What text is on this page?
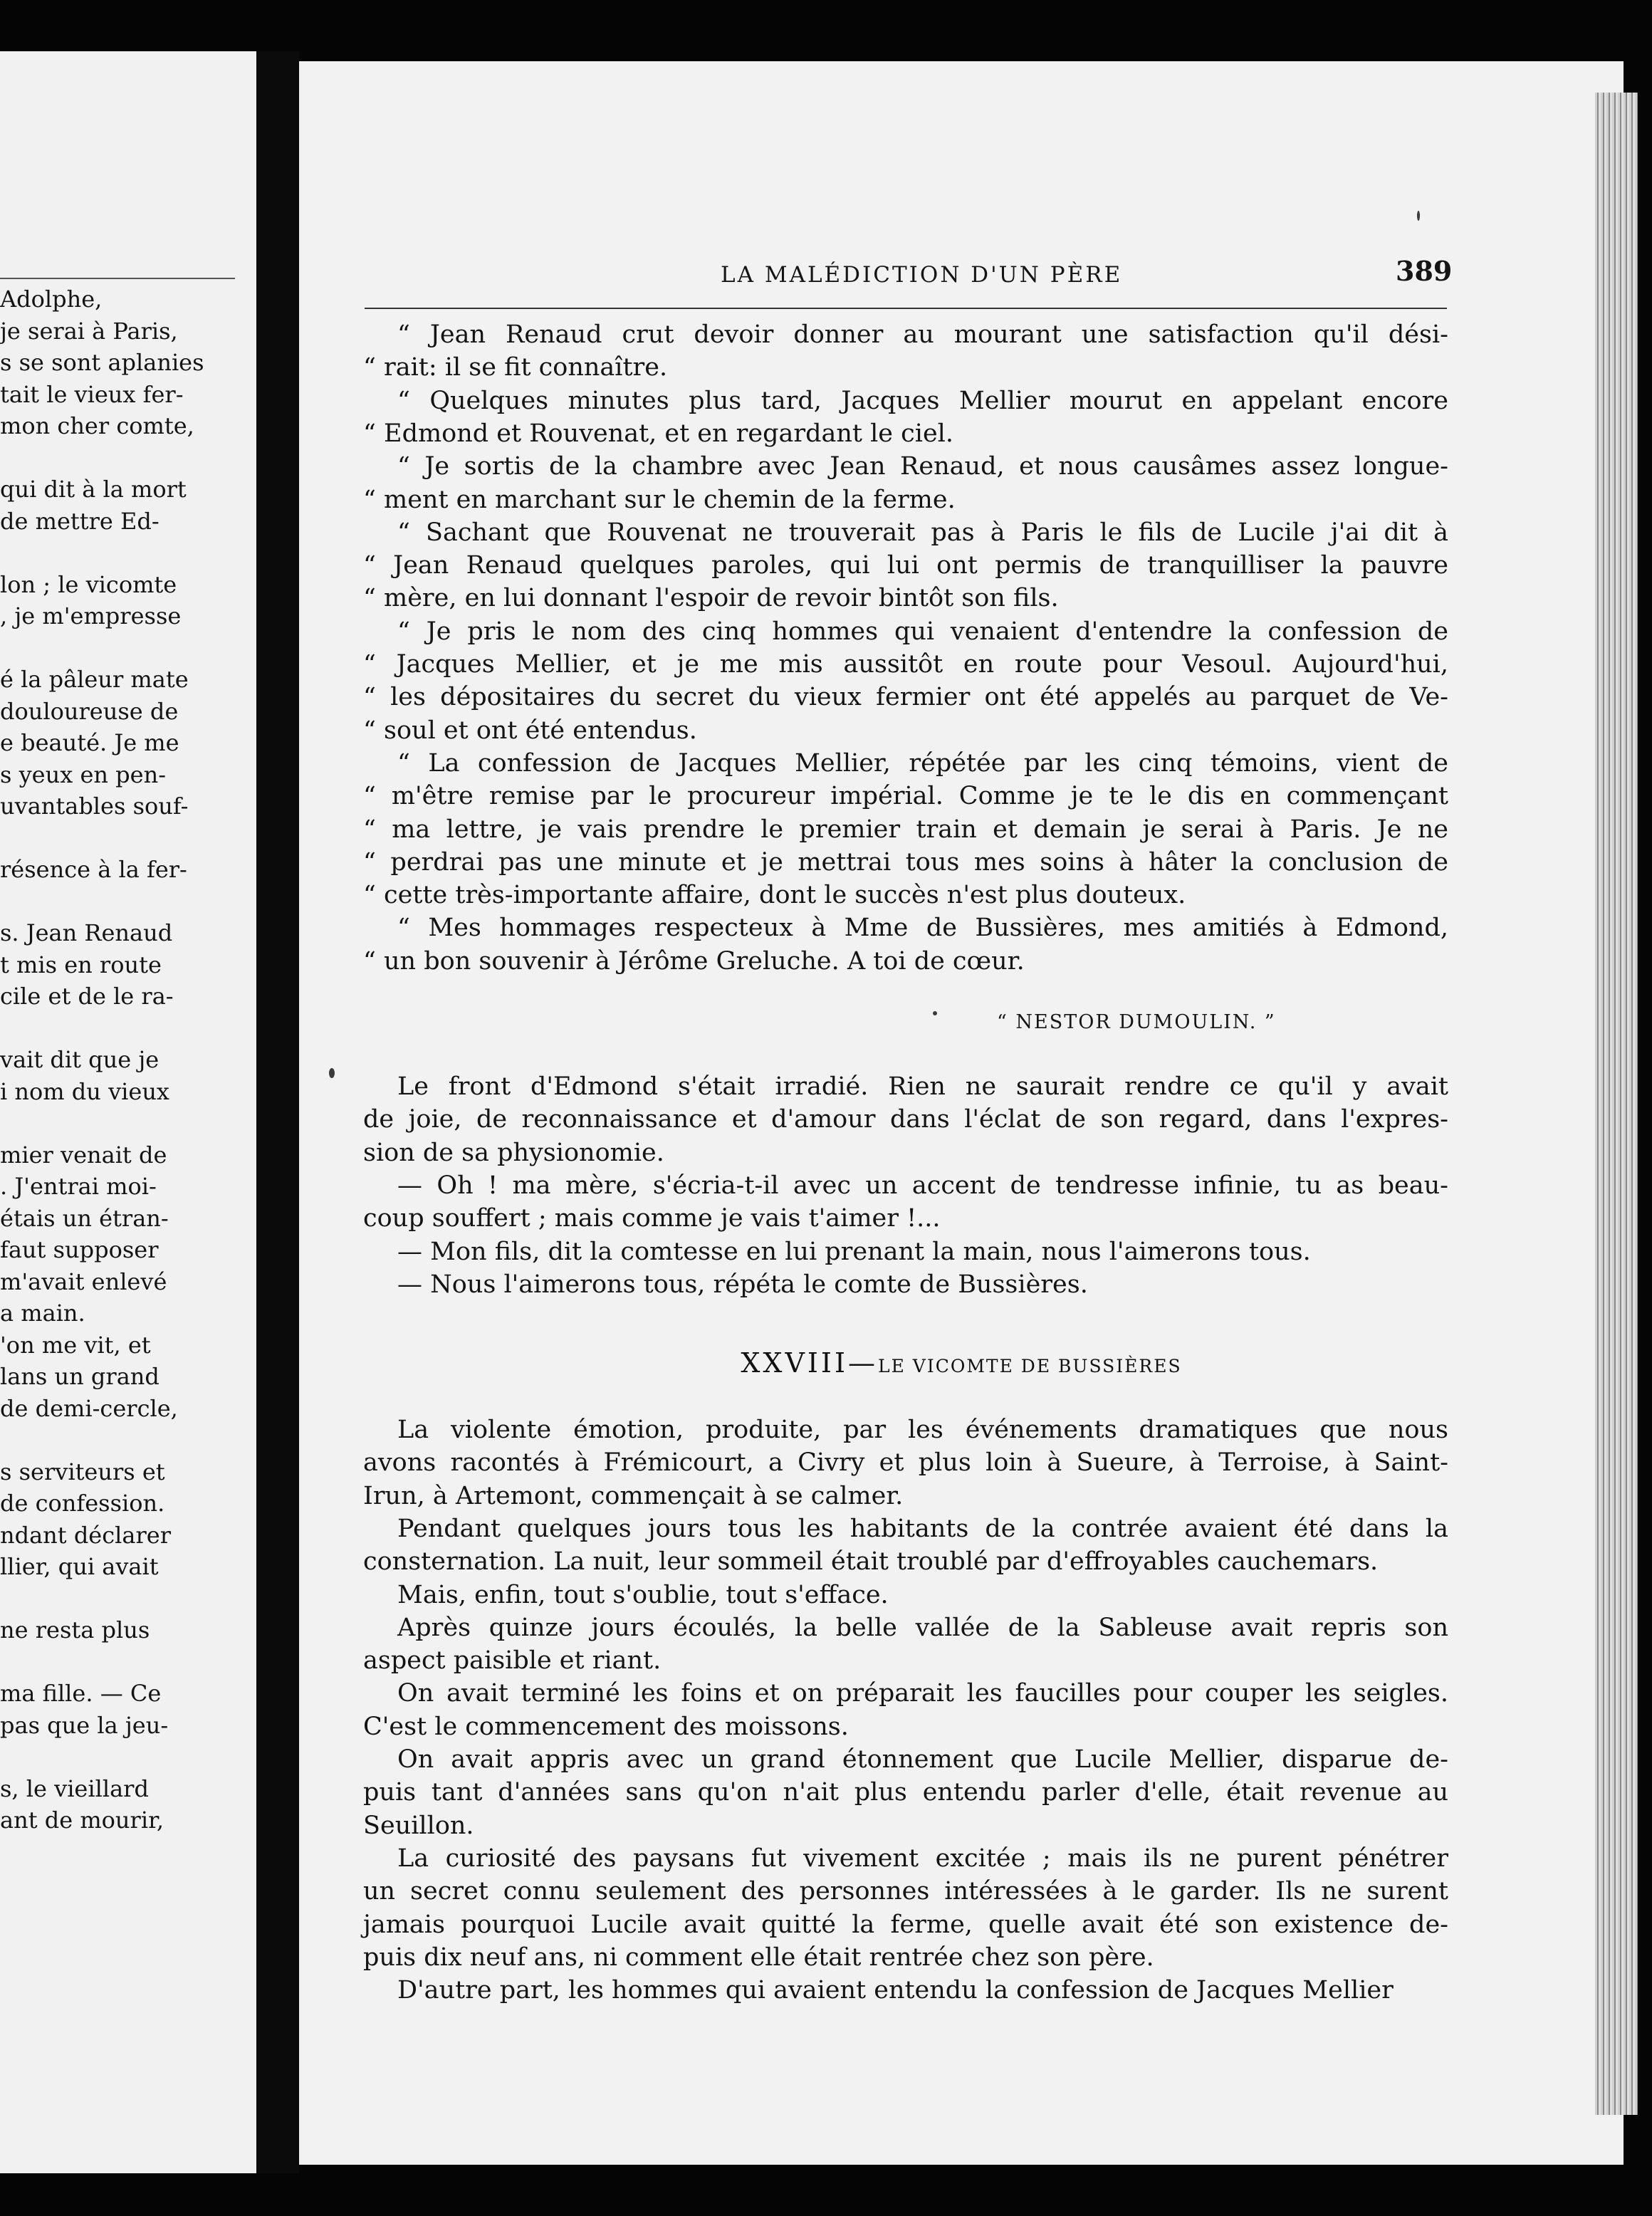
Adolphe,
je serai à Paris,
s se sont aplanies
tait le vieux fer-
mon cher comte,
qui dit à la mort
de mettre Ed-
lon ; le vicomte
, je m'empresse
é la pâleur mate
douloureuse de
e beauté. Je me
s yeux en pen-
uvantables souf-
résence à la fer-
s. Jean Renaud
t mis en route
cile et de le ra-
vait dit que je
i nom du vieux
mier venait de
. J'entrai moi-
étais un étran-
faut supposer
m'avait enlevé
a main.
'on me vit, et
lans un grand
de demi-cercle,
s serviteurs et
de confession.
ndant déclarer
llier, qui avait
ne resta plus
ma fille. — Ce
pas que la jeu-
s, le vieillard
ant de mourir,
LA MALÉDICTION D'UN PÈRE	389
“ Jean Renaud crut devoir donner au mourant une satisfaction qu'il dési-
“ rait: il se fit connaître.
“ Quelques minutes plus tard, Jacques Mellier mourut en appelant encore
“ Edmond et Rouvenat, et en regardant le ciel.
“ Je sortis de la chambre avec Jean Renaud, et nous causâmes assez longue-
“ ment en marchant sur le chemin de la ferme.
“ Sachant que Rouvenat ne trouverait pas à Paris le fils de Lucile j'ai dit à
“ Jean Renaud quelques paroles, qui lui ont permis de tranquilliser la pauvre
“ mère, en lui donnant l'espoir de revoir bintôt son fils.
“ Je pris le nom des cinq hommes qui venaient d'entendre la confession de
“ Jacques Mellier, et je me mis aussitôt en route pour Vesoul. Aujourd'hui,
“ les dépositaires du secret du vieux fermier ont été appelés au parquet de Ve-
“ soul et ont été entendus.
“ La confession de Jacques Mellier, répétée par les cinq témoins, vient de
“ m'être remise par le procureur impérial. Comme je te le dis en commençant
“ ma lettre, je vais prendre le premier train et demain je serai à Paris. Je ne
“ perdrai pas une minute et je mettrai tous mes soins à hâter la conclusion de
“ cette très-importante affaire, dont le succès n'est plus douteux.
“ Mes hommages respecteux à Mme de Bussières, mes amitiés à Edmond,
“ un bon souvenir à Jérôme Greluche. A toi de cœur.
Le front d'Edmond s'était irradié. Rien ne saurait rendre ce qu'il y avait
de joie, de reconnaissance et d'amour dans l'éclat de son regard, dans l'expres-
sion de sa physionomie.
— Oh ! ma mère, s'écria-t-il avec un accent de tendresse infinie, tu as beau-
coup souffert ; mais comme je vais t'aimer !...
— Mon fils, dit la comtesse en lui prenant la main, nous l'aimerons tous.
— Nous l'aimerons tous, répéta le comte de Bussières.
La violente émotion, produite, par les événements dramatiques que nous
avons racontés à Frémicourt, a Civry et plus loin à Sueure, à Terroise, à Saint-
Irun, à Artemont, commençait à se calmer.
Pendant quelques jours tous les habitants de la contrée avaient été dans la
consternation. La nuit, leur sommeil était troublé par d'effroyables cauchemars.
Mais, enfin, tout s'oublie, tout s'efface.
Après quinze jours écoulés, la belle vallée de la Sableuse avait repris son
aspect paisible et riant.
On avait terminé les foins et on préparait les faucilles pour couper les seigles.
C'est le commencement des moissons.
On avait appris avec un grand étonnement que Lucile Mellier, disparue de-
puis tant d'années sans qu'on n'ait plus entendu parler d'elle, était revenue au
Seuillon.
La curiosité des paysans fut vivement excitée ; mais ils ne purent pénétrer
un secret connu seulement des personnes intéressées à le garder. Ils ne surent
jamais pourquoi Lucile avait quitté la ferme, quelle avait été son existence de-
puis dix neuf ans, ni comment elle était rentrée chez son père.
D'autre part, les hommes qui avaient entendu la confession de Jacques Mellier
“ NESTOR DUMOULIN. ”
XXVIII—LE VICOMTE DE BUSSIÈRES
